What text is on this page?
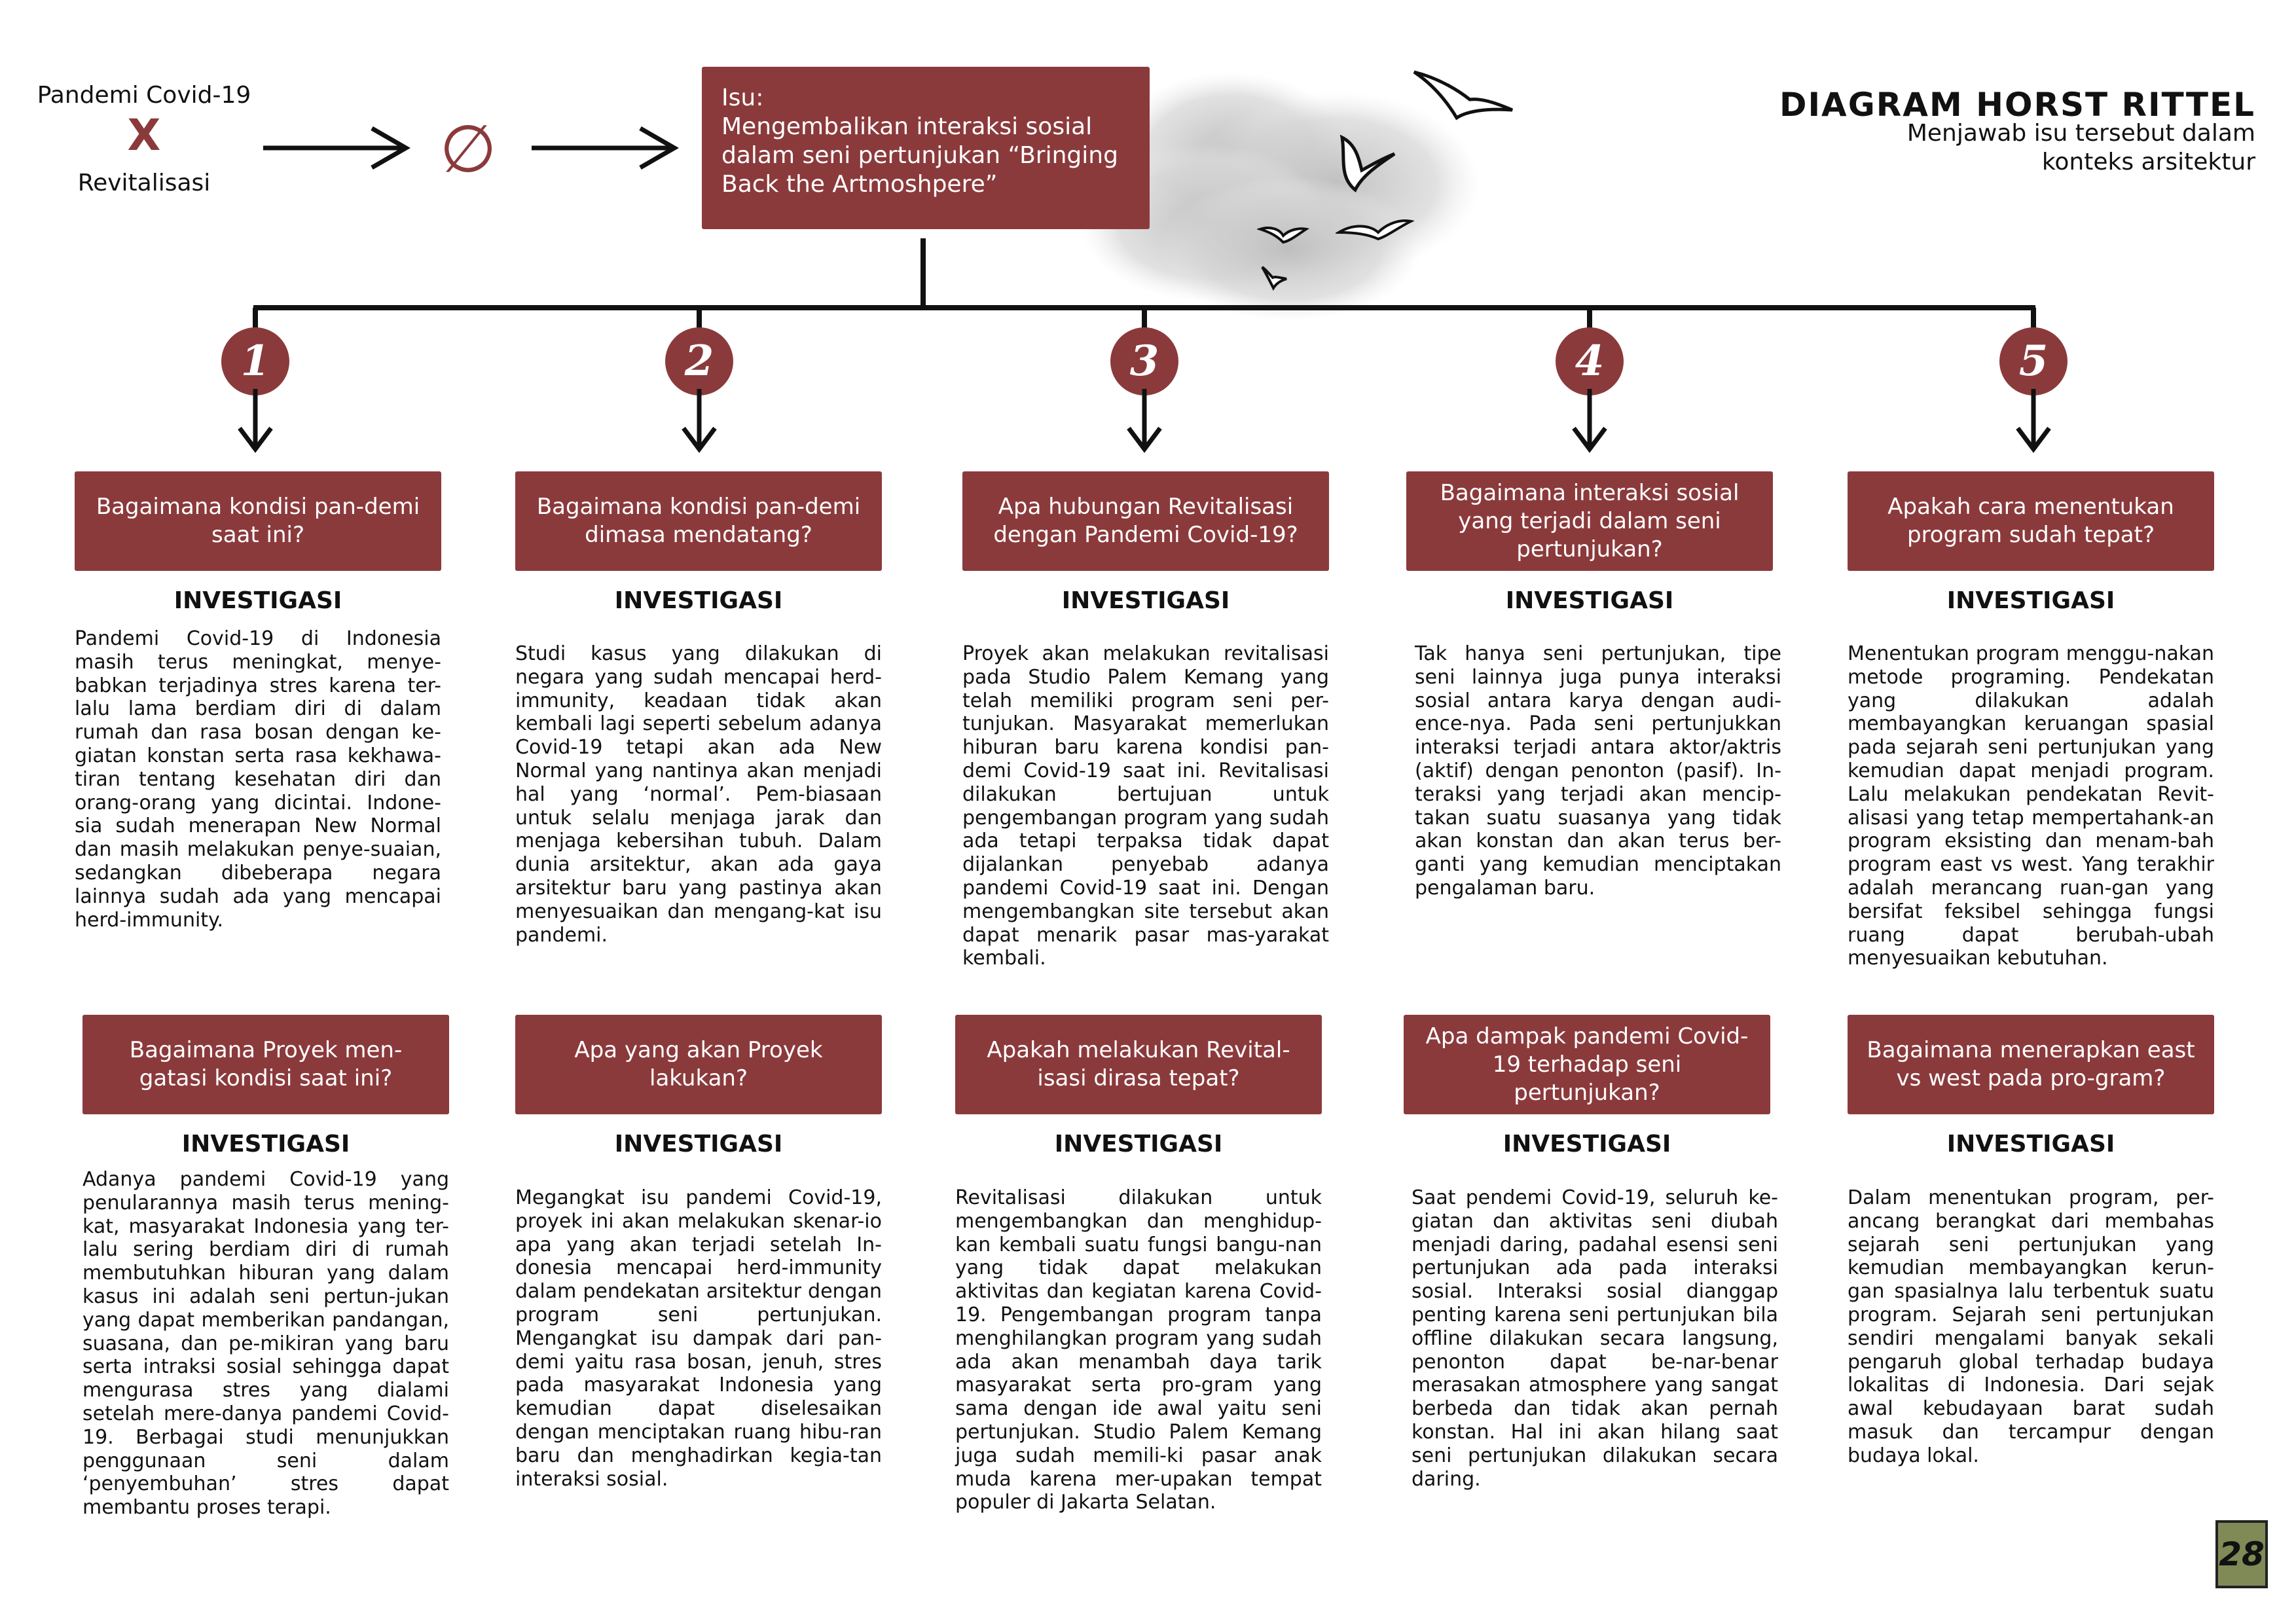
Pandemi Covid-19
X
Revitalisasi	∅
Isu:
Mengembalikan interaksi sosial dalam seni pertunjukan “Bringing Back the Artmoshpere”
DIAGRAM HORST RITTEL
Menjawab isu tersebut dalam
konteks arsitektur
1	2	3	4	5
Bagaimana kondisi pan-demi saat ini?
INVESTIGASI
Pandemi Covid-19 di Indonesia masih terus meningkat, menye-babkan terjadinya stres karena ter-lalu lama berdiam diri di dalam rumah dan rasa bosan dengan ke-giatan konstan serta rasa kekhawa-tiran tentang kesehatan diri dan orang-orang yang dicintai. Indone-sia sudah menerapan New Normal dan masih melakukan penye-suaian, sedangkan dibeberapa negara lainnya sudah ada yang mencapai herd-immunity.
Bagaimana kondisi pan-demi dimasa mendatang?
INVESTIGASI
Studi kasus yang dilakukan di negara yang sudah mencapai herd-immunity, keadaan tidak akan kembali lagi seperti sebelum adanya Covid-19 tetapi akan ada New Normal yang nantinya akan menjadi hal yang ‘normal’. Pem-biasaan untuk selalu menjaga jarak dan menjaga kebersihan tubuh. Dalam dunia arsitektur, akan ada gaya arsitektur baru yang pastinya akan menyesuaikan dan mengang-kat isu pandemi.
Apa hubungan Revitalisasi dengan Pandemi Covid-19?
INVESTIGASI
Proyek akan melakukan revitalisasi pada Studio Palem Kemang yang telah memiliki program seni per-tunjukan. Masyarakat memerlukan hiburan baru karena kondisi pan-demi Covid-19 saat ini. Revitalisasi dilakukan bertujuan untuk pengembangan program yang sudah ada tetapi terpaksa tidak dapat dijalankan penyebab adanya pandemi Covid-19 saat ini. Dengan mengembangkan site tersebut akan dapat menarik pasar mas-yarakat kembali.
Bagaimana interaksi sosial yang terjadi dalam seni pertunjukan?
INVESTIGASI
Tak hanya seni pertunjukan, tipe seni lainnya juga punya interaksi sosial antara karya dengan audi-ence-nya. Pada seni pertunjukkan interaksi terjadi antara aktor/aktris (aktif) dengan penonton (pasif). In-teraksi yang terjadi akan mencip-takan suatu suasanya yang tidak akan konstan dan akan terus ber-ganti yang kemudian menciptakan pengalaman baru.
Apakah cara menentukan program sudah tepat?
INVESTIGASI
Menentukan program menggu-nakan metode programing. Pendekatan yang dilakukan adalah membayangkan keruangan spasial pada sejarah seni pertunjukan yang kemudian dapat menjadi program. Lalu melakukan pendekatan Revit-alisasi yang tetap mempertahank-an program eksisting dan menam-bah program east vs west. Yang terakhir adalah merancang ruan-gan yang bersifat feksibel sehingga fungsi ruang dapat berubah-ubah menyesuaikan kebutuhan.
Bagaimana Proyek men-gatasi kondisi saat ini?
INVESTIGASI
Adanya pandemi Covid-19 yang penularannya masih terus mening-kat, masyarakat Indonesia yang ter-lalu sering berdiam diri di rumah membutuhkan hiburan yang dalam kasus ini adalah seni pertun-jukan yang dapat memberikan pandangan, suasana, dan pe-mikiran yang baru serta intraksi sosial sehingga dapat mengurasa stres yang dialami setelah mere-danya pandemi Covid-19. Berbagai studi menunjukkan penggunaan seni dalam ‘penyembuhan’ stres dapat membantu proses terapi.
Apa yang akan Proyek lakukan?
INVESTIGASI
Megangkat isu pandemi Covid-19, proyek ini akan melakukan skenar-io apa yang akan terjadi setelah In-donesia mencapai herd-immunity dalam pendekatan arsitektur dengan program seni pertunjukan. Mengangkat isu dampak dari pan-demi yaitu rasa bosan, jenuh, stres pada masyarakat Indonesia yang kemudian dapat diselesaikan dengan menciptakan ruang hibu-ran baru dan menghadirkan kegia-tan interaksi sosial.
Apakah melakukan Revital-isasi dirasa tepat?
INVESTIGASI
Revitalisasi dilakukan untuk mengembangkan dan menghidup-kan kembali suatu fungsi bangu-nan yang tidak dapat melakukan aktivitas dan kegiatan karena Covid-19. Pengembangan program tanpa menghilangkan program yang sudah ada akan menambah daya tarik masyarakat serta pro-gram yang sama dengan ide awal yaitu seni pertunjukan. Studio Palem Kemang juga sudah memili-ki pasar anak muda karena mer-upakan tempat populer di Jakarta Selatan.
Apa dampak pandemi Covid-19 terhadap seni pertunjukan?
INVESTIGASI
Saat pendemi Covid-19, seluruh ke-giatan dan aktivitas seni diubah menjadi daring, padahal esensi seni pertunjukan ada pada interaksi sosial. Interaksi sosial dianggap penting karena seni pertunjukan bila offline dilakukan secara langsung, penonton dapat be-nar-benar merasakan atmosphere yang sangat berbeda dan tidak akan pernah konstan. Hal ini akan hilang saat seni pertunjukan dilakukan secara daring.
Bagaimana menerapkan east vs west pada pro-gram?
INVESTIGASI
Dalam menentukan program, per-ancang berangkat dari membahas sejarah seni pertunjukan yang kemudian membayangkan kerun-gan spasialnya lalu terbentuk suatu program. Sejarah seni pertunjukan sendiri mengalami banyak sekali pengaruh global terhadap budaya lokalitas di Indonesia. Dari sejak awal kebudayaan barat sudah masuk dan tercampur dengan budaya lokal.
28
